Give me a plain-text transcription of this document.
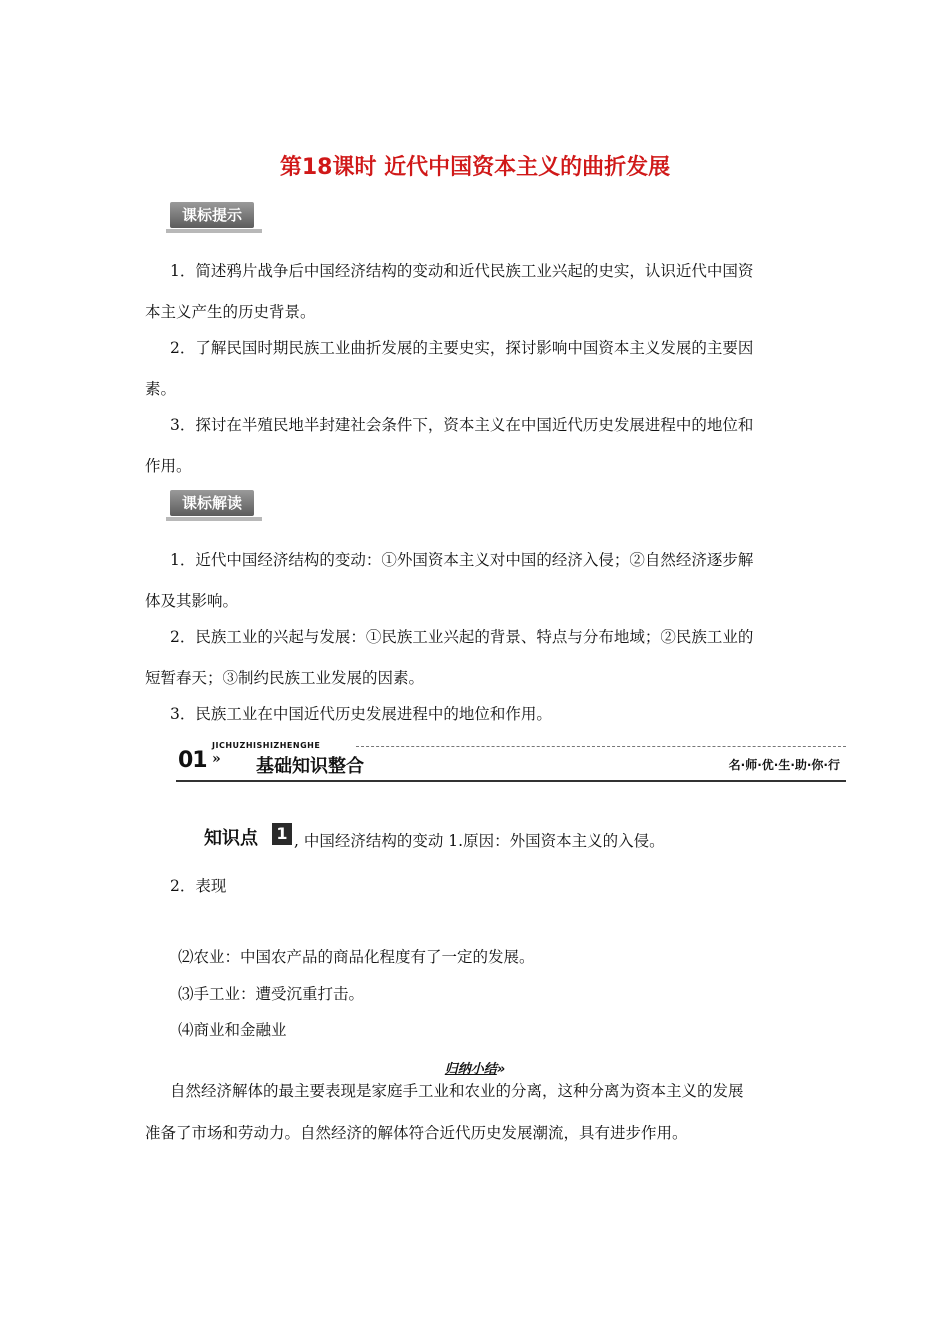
第18课时 近代中国资本主义的曲折发展
课标提示
1．简述鸦片战争后中国经济结构的变动和近代民族工业兴起的史实，认识近代中国资
本主义产生的历史背景。
2．了解民国时期民族工业曲折发展的主要史实，探讨影响中国资本主义发展的主要因
素。
3．探讨在半殖民地半封建社会条件下，资本主义在中国近代历史发展进程中的地位和
作用。
课标解读
1．近代中国经济结构的变动：①外国资本主义对中国的经济入侵；②自然经济逐步解
体及其影响。
2．民族工业的兴起与发展：①民族工业兴起的背景、特点与分布地域；②民族工业的
短暂春天；③制约民族工业发展的因素。
3．民族工业在中国近代历史发展进程中的地位和作用。
JICHUZHISHIZHENGHE
01 » 基础知识整合	名·师·优·生·助·你·行
知识点 1 , 中国经济结构的变动 1.原因：外国资本主义的入侵。
2．表现
⑵农业：中国农产品的商品化程度有了一定的发展。
⑶手工业：遭受沉重打击。
⑷商业和金融业
归纳小结»
自然经济解体的最主要表现是家庭手工业和农业的分离，这种分离为资本主义的发展
准备了市场和劳动力。自然经济的解体符合近代历史发展潮流，具有进步作用。
